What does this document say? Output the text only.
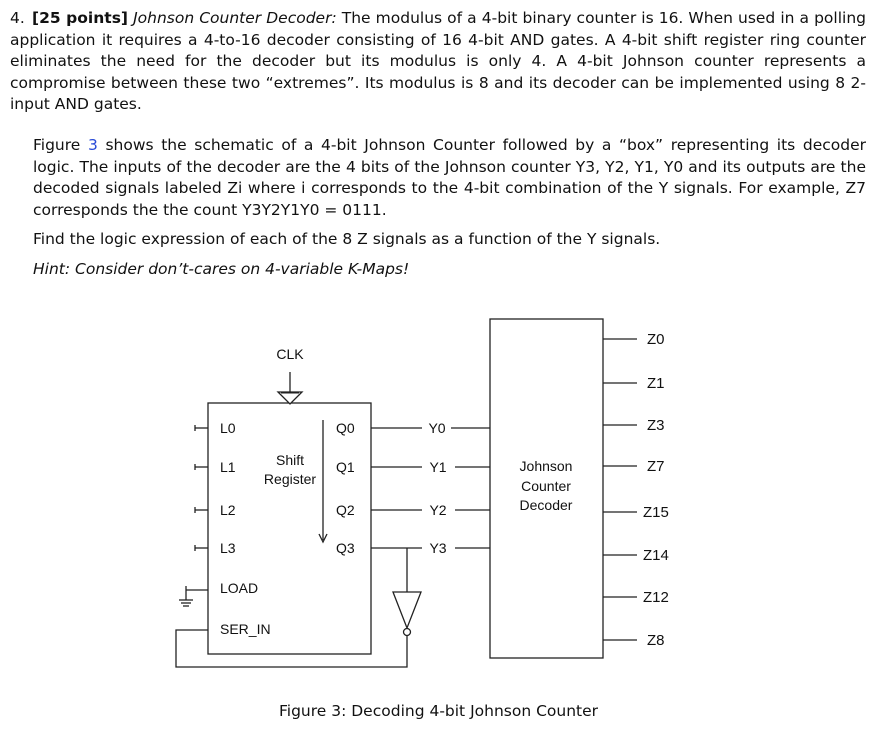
4. [25 points] Johnson Counter Decoder: The modulus of a 4-bit binary counter is 16. When used in a polling application it requires a 4-to-16 decoder consisting of 16 4-bit AND gates. A 4-bit shift register ring counter eliminates the need for the decoder but its modulus is only 4. A 4-bit Johnson counter represents a compromise between these two “extremes”. Its modulus is 8 and its decoder can be implemented using 8 2-input AND gates.
Figure 3 shows the schematic of a 4-bit Johnson Counter followed by a “box” representing its decoder logic. The inputs of the decoder are the 4 bits of the Johnson counter Y3, Y2, Y1, Y0 and its outputs are the decoded signals labeled Zi where i corresponds to the 4-bit combination of the Y signals. For example, Z7 corresponds the the count Y3Y2Y1Y0 = 0111.
Find the logic expression of each of the 8 Z signals as a function of the Y signals.
Hint: Consider don’t-cares on 4-variable K-Maps!
CLK
Shift
Register
L0
L1
L2
L3
LOAD
SER_IN
Q0
Q1
Q2
Q3
Y0
Y1
Y2
Y3
Johnson
Counter
Decoder
Z0
Z1
Z3
Z7
Z15
Z14
Z12
Z8
Figure 3: Decoding 4-bit Johnson Counter
